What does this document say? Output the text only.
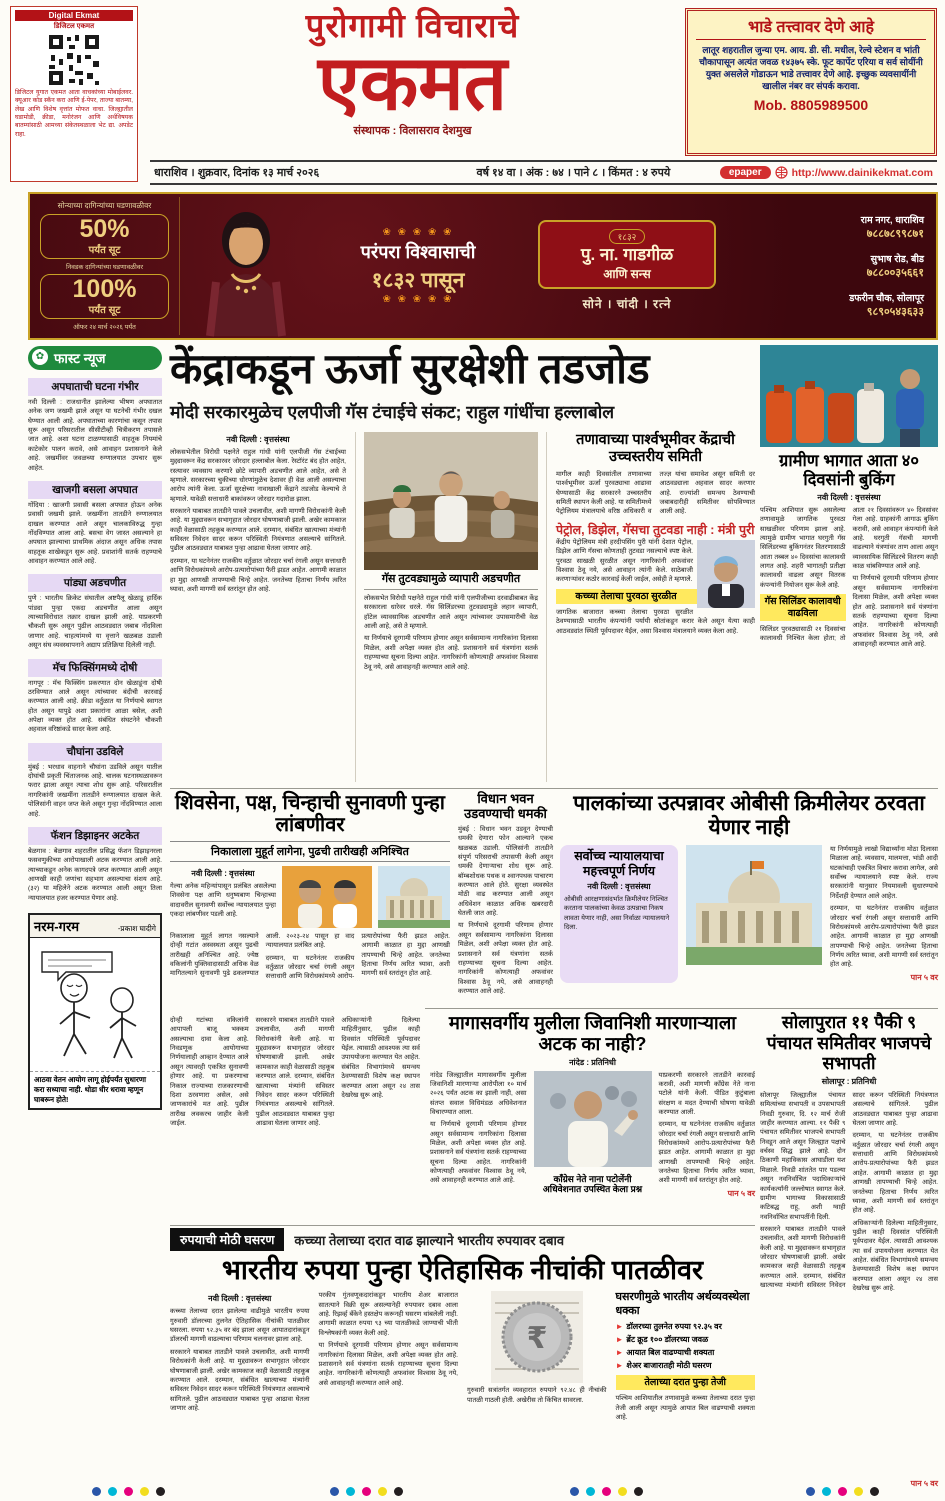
Digital Ekmat
डिजिटल एकमत
डिजिटल युगात एकमत आता वाचकांच्या मोबाईलवर. क्यूआर कोड स्कॅन करा आणि ई-पेपर, ताज्या बातम्या, लेख आणि विशेष वृत्तांत मोफत वाचा. जिल्ह्यातील घडामोडी, क्रीडा, मनोरंजन आणि अर्थविषयक बातम्यांसाठी आमच्या संकेतस्थळाला भेट द्या. अपडेट राहा.
पुरोगामी विचाराचे
एकमत
संस्थापक : विलासराव देशमुख
भाडे तत्त्वावर देणे आहे
लातूर शहरातील जुन्या एम. आय. डी. सी. मधील, रेल्वे स्टेशन व भांती चौकापासून अत्यंत जवळ १४३७५ स्के. फूट कार्पेट एरिया व सर्व सोयींनी युक्त असलेले गोडाऊन भाडे तत्त्वावर देणे आहे. इच्छुक व्यवसायींनी खालील नंबर वर संपर्क करावा.
Mob. 8805989500
धाराशिव । शुक्रवार, दिनांक १३ मार्च २०२६	वर्ष १४ वा । अंक : ७४ । पाने ८ । किंमत : ४ रुपये	epaper	http://www.dainikekmat.com
सोन्याच्या दागिन्यांच्या घडणावळीवर
50%
पर्यंत सूट
निवडक दागिन्यांच्या घडणावळीवर
100%
पर्यंत सूट
ऑफर २४ मार्च २०२६ पर्यंत
❀ ❀ ❀ ❀ ❀
परंपरा विश्वासाची
१८३२ पासून
❀ ❀ ❀ ❀ ❀
१८३२
पु. ना. गाडगीळ
आणि सन्स
सोने । चांदी । रत्ने
राम नगर, धाराशिव
७८८७८९९८७१
सुभाष रोड, बीड
७८८००३५६६१
डफरीन चौक, सोलापूर
९८९०५४३६३३
✿ फास्ट न्यूज
अपघाताची घटना गंभीर
नवी दिल्ली : राजधानीत झालेल्या भीषण अपघातात अनेक जण जखमी झाले असून या घटनेची गंभीर दखल घेण्यात आली आहे. अपघाताच्या कारणांचा कसून तपास सुरू असून परिसरातील सीसीटीव्ही चित्रीकरण तपासले जात आहे. अशा घटना टाळण्यासाठी वाहतूक नियमांचे काटेकोर पालन करावे, असे आवाहन प्रशासनाने केले आहे. जखमींवर जवळच्या रुग्णालयात उपचार सुरू आहेत.
खाजगी बसला अपघात
गोंदिया : खाजगी प्रवासी बसला अपघात होऊन अनेक प्रवासी जखमी झाले. जखमींना तातडीने रुग्णालयात दाखल करण्यात आले असून चालकाविरुद्ध गुन्हा नोंदविण्यात आला आहे. बसचा वेग जास्त असल्याने हा अपघात झाल्याचा प्राथमिक अंदाज असून अधिक तपास वाहतूक शाखेकडून सुरू आहे. प्रवाशांनी सतर्क राहण्याचे आवाहन करण्यात आले आहे.
पांड्या अडचणीत
पुणे : भारतीय क्रिकेट संघातील अष्टपैलू खेळाडू हार्दिक पांड्या पुन्हा एकदा अडचणीत आला असून त्याच्याविरोधात तक्रार दाखल झाली आहे. याप्रकरणी चौकशी सुरू असून पुढील आठवड्यात जबाब नोंदविला जाणार आहे. चाहत्यांमध्ये या वृत्ताने खळबळ उडाली असून संघ व्यवस्थापनाने अद्याप प्रतिक्रिया दिलेली नाही.
मॅच फिक्सिंगमध्ये दोषी
नागपूर : मॅच फिक्सिंग प्रकरणात दोन खेळाडूंना दोषी ठरविण्यात आले असून त्यांच्यावर बंदीची कारवाई करण्यात आली आहे. क्रीडा वर्तुळात या निर्णयाचे स्वागत होत असून यापुढे अशा प्रकारांना आळा बसेल, अशी अपेक्षा व्यक्त होत आहे. संबंधित संघटनेने चौकशी अहवाल वरिष्ठांकडे सादर केला आहे.
चौघांना उडविले
मुंबई : भरधाव वाहनाने चौघांना उडविले असून यातील दोघांची प्रकृती चिंताजनक आहे. चालक घटनास्थळावरून फरार झाला असून त्याचा शोध सुरू आहे. परिसरातील नागरिकांनी जखमींना तातडीने रुग्णालयात दाखल केले. पोलिसांनी वाहन जप्त केले असून गुन्हा नोंदविण्यात आला आहे.
फॅशन डिझाइनर अटकेत
बेळगाव : बेळगाव शहरातील प्रसिद्ध फॅशन डिझाइनरला फसवणुकीच्या आरोपाखाली अटक करण्यात आली आहे. त्याच्याकडून अनेक कागदपत्रे जप्त करण्यात आली असून आणखी काही जणांचा सहभाग असल्याचा संशय आहे. (३२) या महिलेने अटक करण्यात आली असून तिला न्यायालयात हजर करण्यात येणार आहे.
नरम-गरम	-प्रकाश घादीगे
आठवा वेतन आयोग लागू होईपर्यंत सुधारणा करा सध्याचा नाही. थोडा धीर धरावा म्हणून घाबरून होते!
केंद्राकडून ऊर्जा सुरक्षेशी तडजोड
मोदी सरकारमुळेच एलपीजी गॅस टंचाईचे संकट; राहुल गांधींचा हल्लाबोल
नवी दिल्ली : वृत्तसंस्था
लोकसभेतील विरोधी पक्षनेते राहुल गांधी यांनी एलपीजी गॅस टंचाईच्या मुद्द्यावरून केंद्र सरकारवर जोरदार हल्लाबोल केला. रेस्टॉरंट बंद होत आहेत, रस्त्यावर व्यवसाय करणारे छोटे व्यापारी अडचणीत आले आहेत, असे ते म्हणाले. सरकारच्या चुकीच्या धोरणांमुळेच देशावर ही वेळ आली असल्याचा आरोप त्यांनी केला. ऊर्जा सुरक्षेच्या नावाखाली केंद्राने तडजोड केल्याचे ते म्हणाले. यावेळी सत्ताधारी बाकांवरून जोरदार गदारोळ झाला.
सरकारने याबाबत तातडीने पावले उचलावीत, अशी मागणी विरोधकांनी केली आहे. या मुद्द्यावरून सभागृहात जोरदार घोषणाबाजी झाली. अखेर कामकाज काही वेळासाठी तहकूब करण्यात आले. दरम्यान, संबंधित खात्याच्या मंत्र्यांनी सविस्तर निवेदन सादर करून परिस्थिती नियंत्रणात असल्याचे सांगितले. पुढील आठवड्यात याबाबत पुन्हा आढावा घेतला जाणार आहे.
दरम्यान, या घटनेनंतर राजकीय वर्तुळात जोरदार चर्चा रंगली असून सत्ताधारी आणि विरोधकांमध्ये आरोप-प्रत्यारोपांच्या फैरी झडत आहेत. आगामी काळात हा मुद्दा आणखी तापण्याची चिन्हे आहेत. जनतेच्या हिताचा निर्णय त्वरित घ्यावा, अशी मागणी सर्व स्तरांतून होत आहे.
गॅस तुटवड्यामुळे व्यापारी अडचणीत
लोकसभेत विरोधी पक्षनेते राहुल गांधी यांनी एलपीजीच्या दरवाढीबाबत केंद्र सरकारला धारेवर धरले. गॅस सिलिंडरच्या तुटवड्यामुळे लहान व्यापारी, हॉटेल व्यावसायिक अडचणीत आले असून त्यांच्यावर उपासमारीची वेळ आली आहे, असे ते म्हणाले.
या निर्णयाचे दूरगामी परिणाम होणार असून सर्वसामान्य नागरिकांना दिलासा मिळेल, अशी अपेक्षा व्यक्त होत आहे. प्रशासनाने सर्व यंत्रणांना सतर्क राहण्याच्या सूचना दिल्या आहेत. नागरिकांनी कोणत्याही अफवांवर विश्वास ठेवू नये, असे आवाहनही करण्यात आले आहे.
तणावाच्या पार्श्वभूमीवर केंद्राची उच्चस्तरीय समिती
मागील काही दिवसांतील तणावाच्या पार्श्वभूमीवर ऊर्जा पुरवठ्याचा आढावा घेण्यासाठी केंद्र सरकारने उच्चस्तरीय समिती स्थापन केली आहे. या समितीमध्ये पेट्रोलियम मंत्रालयाचे वरिष्ठ अधिकारी व तज्ज्ञ यांचा समावेश असून समिती दर आठवड्याला अहवाल सादर करणार आहे. राज्यांशी समन्वय ठेवण्याची जबाबदारीही समितीवर सोपविण्यात आली आहे.
पेट्रोल, डिझेल, गॅसचा तुटवडा नाही : मंत्री पुरी
केंद्रीय पेट्रोलियम मंत्री हरदीपसिंग पुरी यांनी देशात पेट्रोल, डिझेल आणि गॅसचा कोणताही तुटवडा नसल्याचे स्पष्ट केले. पुरवठा साखळी सुरळीत असून नागरिकांनी अफवांवर विश्वास ठेवू नये, असे आवाहन त्यांनी केले. साठेबाजी करणाऱ्यांवर कठोर कारवाई केली जाईल, असेही ते म्हणाले.
कच्च्या तेलाचा पुरवठा सुरळीत
जागतिक बाजारात कच्च्या तेलाचा पुरवठा सुरळीत ठेवण्यासाठी भारतीय कंपन्यांनी पर्यायी स्रोतांकडून करार केले असून येत्या काही आठवड्यांत स्थिती पूर्वपदावर येईल, असा विश्वास मंत्रालयाने व्यक्त केला आहे.
ग्रामीण भागात आता ४० दिवसांनी बुकिंग
नवी दिल्ली : वृत्तसंस्था
पश्चिम आशियात सुरू असलेल्या तणावामुळे जागतिक पुरवठा साखळीवर परिणाम झाला आहे. त्यामुळे ग्रामीण भागात घरगुती गॅस सिलिंडरच्या बुकिंगनंतर वितरणासाठी आता तब्बल ४० दिवसांचा कालावधी लागत आहे. शहरी भागातही प्रतीक्षा कालावधी वाढला असून वितरक कंपन्यांनी नियोजन सुरू केले आहे.
गॅस सिलिंडर कालावधी वाढविला
सिलिंडर पुरवठ्यासाठी २१ दिवसांचा कालावधी निश्चित केला होता; तो आता २१ दिवसांवरून ४० दिवसांवर गेला आहे. ग्राहकांनी आगाऊ बुकिंग करावी, असे आवाहन कंपन्यांनी केले आहे. घरगुती गॅसची मागणी वाढल्याने यंत्रणांवर ताण आला असून व्यावसायिक सिलिंडरचे वितरण काही काळ थांबविण्यात आले आहे.
या निर्णयाचे दूरगामी परिणाम होणार असून सर्वसामान्य नागरिकांना दिलासा मिळेल, अशी अपेक्षा व्यक्त होत आहे. प्रशासनाने सर्व यंत्रणांना सतर्क राहण्याच्या सूचना दिल्या आहेत. नागरिकांनी कोणत्याही अफवांवर विश्वास ठेवू नये, असे आवाहनही करण्यात आले आहे.
शिवसेना, पक्ष, चिन्हाची सुनावणी पुन्हा लांबणीवर
निकालाला मुहूर्त लागेना, पुढची तारीखही अनिश्चित
नवी दिल्ली : वृत्तसंस्था
गेल्या अनेक महिन्यांपासून प्रलंबित असलेल्या शिवसेना पक्ष आणि धनुष्यबाण चिन्हाच्या वादावरील सुनावणी सर्वोच्च न्यायालयात पुन्हा एकदा लांबणीवर पडली आहे.
निकालाला मुहूर्त लागत नसल्याने दोन्ही गटांत अस्वस्थता असून पुढची तारीखही अनिश्चित आहे. ज्येष्ठ वकिलांनी युक्तिवादासाठी अधिक वेळ मागितल्याने सुनावणी पुढे ढकलण्यात आली. २०२३-२४ पासून हा वाद न्यायालयात प्रलंबित आहे.
दरम्यान, या घटनेनंतर राजकीय वर्तुळात जोरदार चर्चा रंगली असून सत्ताधारी आणि विरोधकांमध्ये आरोप-प्रत्यारोपांच्या फैरी झडत आहेत. आगामी काळात हा मुद्दा आणखी तापण्याची चिन्हे आहेत. जनतेच्या हिताचा निर्णय त्वरित घ्यावा, अशी मागणी सर्व स्तरांतून होत आहे.
विधान भवन उडवण्याची धमकी
मुंबई : विधान भवन उडवून देण्याची धमकी देणारा फोन आल्याने एकच खळबळ उडाली. पोलिसांनी तातडीने संपूर्ण परिसराची तपासणी केली असून धमकी देणाऱ्याचा शोध सुरू आहे. बॉम्बशोधक पथक व श्वानपथक पाचारण करण्यात आले होते. सुरक्षा व्यवस्थेत मोठी वाढ करण्यात आली असून अधिवेशन काळात अधिक खबरदारी घेतली जात आहे.
या निर्णयाचे दूरगामी परिणाम होणार असून सर्वसामान्य नागरिकांना दिलासा मिळेल, अशी अपेक्षा व्यक्त होत आहे. प्रशासनाने सर्व यंत्रणांना सतर्क राहण्याच्या सूचना दिल्या आहेत. नागरिकांनी कोणत्याही अफवांवर विश्वास ठेवू नये, असे आवाहनही करण्यात आले आहे.
पालकांच्या उत्पन्नावर ओबीसी क्रिमीलेयर ठरवता येणार नाही
सर्वोच्च न्यायालयाचा महत्त्वपूर्ण निर्णय
नवी दिल्ली : वृत्तसंस्था
ओबीसी आरक्षणासंदर्भात क्रिमीलेयर निश्चित करताना पालकांच्या केवळ उत्पन्नाचा निकष लावता येणार नाही, असा निर्वाळा न्यायालयाने दिला.
या निर्णयामुळे लाखो विद्यार्थ्यांना मोठा दिलासा मिळाला आहे. व्यवसाय, मालमत्ता, भांडी आदी घटकांचाही एकत्रित विचार करावा लागेल, असे सर्वोच्च न्यायालयाने स्पष्ट केले. राज्य सरकारांनी यानुसार नियमावली सुधारण्याचे निर्देशही देण्यात आले आहेत.
दरम्यान, या घटनेनंतर राजकीय वर्तुळात जोरदार चर्चा रंगली असून सत्ताधारी आणि विरोधकांमध्ये आरोप-प्रत्यारोपांच्या फैरी झडत आहेत. आगामी काळात हा मुद्दा आणखी तापण्याची चिन्हे आहेत. जनतेच्या हिताचा निर्णय त्वरित घ्यावा, अशी मागणी सर्व स्तरांतून होत आहे.
पान ५ वर
दोन्ही गटांच्या वकिलांनी आपापली बाजू भक्कम असल्याचा दावा केला आहे. निवडणूक आयोगाच्या निर्णयालाही आव्हान देण्यात आले असून त्यावरही एकत्रित सुनावणी होणार आहे. या प्रकरणाचा निकाल राज्याच्या राजकारणाची दिशा ठरवणारा असेल, असे जाणकारांचे मत आहे. पुढील तारीख लवकरच जाहीर केली जाईल.
सरकारने याबाबत तातडीने पावले उचलावीत, अशी मागणी विरोधकांनी केली आहे. या मुद्द्यावरून सभागृहात जोरदार घोषणाबाजी झाली. अखेर कामकाज काही वेळासाठी तहकूब करण्यात आले. दरम्यान, संबंधित खात्याच्या मंत्र्यांनी सविस्तर निवेदन सादर करून परिस्थिती नियंत्रणात असल्याचे सांगितले. पुढील आठवड्यात याबाबत पुन्हा आढावा घेतला जाणार आहे.
अधिकाऱ्यांनी दिलेल्या माहितीनुसार, पुढील काही दिवसांत परिस्थिती पूर्वपदावर येईल. त्यासाठी आवश्यक त्या सर्व उपाययोजना करण्यात येत आहेत. संबंधित विभागांमध्ये समन्वय ठेवण्यासाठी विशेष कक्ष स्थापन करण्यात आला असून २४ तास देखरेख सुरू आहे.
मागासवर्गीय मुलीला जिवानिशी मारणाऱ्याला अटक का नाही?
नांदेड : प्रतिनिधी
नांदेड जिल्ह्यातील मागासवर्गीय मुलीला जिवानिशी मारणाऱ्या आरोपीला १० मार्च २०२६ पर्यंत अटक का झाली नाही, असा संतप्त सवाल विधिमंडळ अधिवेशनात विचारण्यात आला.
या निर्णयाचे दूरगामी परिणाम होणार असून सर्वसामान्य नागरिकांना दिलासा मिळेल, अशी अपेक्षा व्यक्त होत आहे. प्रशासनाने सर्व यंत्रणांना सतर्क राहण्याच्या सूचना दिल्या आहेत. नागरिकांनी कोणत्याही अफवांवर विश्वास ठेवू नये, असे आवाहनही करण्यात आले आहे.	काँग्रेस नेते नाना पटोलेंनी अधिवेशनात उपस्थित केला प्रश्न
याप्रकरणी सरकारने तातडीने कारवाई करावी, अशी मागणी काँग्रेस नेते नाना पटोले यांनी केली. पीडित कुटुंबाला संरक्षण व मदत देण्याची घोषणा यावेळी करण्यात आली.
दरम्यान, या घटनेनंतर राजकीय वर्तुळात जोरदार चर्चा रंगली असून सत्ताधारी आणि विरोधकांमध्ये आरोप-प्रत्यारोपांच्या फैरी झडत आहेत. आगामी काळात हा मुद्दा आणखी तापण्याची चिन्हे आहेत. जनतेच्या हिताचा निर्णय त्वरित घ्यावा, अशी मागणी सर्व स्तरांतून होत आहे.
पान ५ वर
सोलापुरात ११ पैकी ९ पंचायत समितीवर भाजपचे सभापती
सोलापूर : प्रतिनिधी
सोलापूर जिल्ह्यातील पंचायत समित्यांच्या सभापती व उपसभापती निवडी गुरुवार, दि. १२ मार्च रोजी जाहीर करण्यात आल्या. ११ पैकी ९ पंचायत समितीवर भाजपचे सभापती निवडून आले असून जिल्ह्यात पक्षाचे वर्चस्व सिद्ध झाले आहे. दोन ठिकाणी महाविकास आघाडीला यश मिळाले. निवडी शांततेत पार पडल्या असून नवनिर्वाचित पदाधिकाऱ्यांचे कार्यकर्त्यांनी जल्लोषात स्वागत केले. ग्रामीण भागाच्या विकासासाठी कटिबद्ध राहू, अशी ग्वाही नवनिर्वाचित सभापतींनी दिली.
सरकारने याबाबत तातडीने पावले उचलावीत, अशी मागणी विरोधकांनी केली आहे. या मुद्द्यावरून सभागृहात जोरदार घोषणाबाजी झाली. अखेर कामकाज काही वेळासाठी तहकूब करण्यात आले. दरम्यान, संबंधित खात्याच्या मंत्र्यांनी सविस्तर निवेदन सादर करून परिस्थिती नियंत्रणात असल्याचे सांगितले. पुढील आठवड्यात याबाबत पुन्हा आढावा घेतला जाणार आहे.
दरम्यान, या घटनेनंतर राजकीय वर्तुळात जोरदार चर्चा रंगली असून सत्ताधारी आणि विरोधकांमध्ये आरोप-प्रत्यारोपांच्या फैरी झडत आहेत. आगामी काळात हा मुद्दा आणखी तापण्याची चिन्हे आहेत. जनतेच्या हिताचा निर्णय त्वरित घ्यावा, अशी मागणी सर्व स्तरांतून होत आहे.
अधिकाऱ्यांनी दिलेल्या माहितीनुसार, पुढील काही दिवसांत परिस्थिती पूर्वपदावर येईल. त्यासाठी आवश्यक त्या सर्व उपाययोजना करण्यात येत आहेत. संबंधित विभागांमध्ये समन्वय ठेवण्यासाठी विशेष कक्ष स्थापन करण्यात आला असून २४ तास देखरेख सुरू आहे.
पान ५ वर
रुपयाची मोठी घसरण	कच्च्या तेलाच्या दरात वाढ झाल्याने भारतीय रुपयावर दबाव
भारतीय रुपया पुन्हा ऐतिहासिक नीचांकी पातळीवर
नवी दिल्ली : वृत्तसंस्था
कच्च्या तेलाच्या दरात झालेल्या वाढीमुळे भारतीय रुपया गुरुवारी डॉलरच्या तुलनेत ऐतिहासिक नीचांकी पातळीवर घसरला. रुपया ९२.३५ वर बंद झाला असून आयातदारांकडून डॉलरची मागणी वाढल्याचा परिणाम चलनावर झाला आहे.
सरकारने याबाबत तातडीने पावले उचलावीत, अशी मागणी विरोधकांनी केली आहे. या मुद्द्यावरून सभागृहात जोरदार घोषणाबाजी झाली. अखेर कामकाज काही वेळासाठी तहकूब करण्यात आले. दरम्यान, संबंधित खात्याच्या मंत्र्यांनी सविस्तर निवेदन सादर करून परिस्थिती नियंत्रणात असल्याचे सांगितले. पुढील आठवड्यात याबाबत पुन्हा आढावा घेतला जाणार आहे.
परकीय गुंतवणूकदारांकडून भारतीय शेअर बाजारात सातत्याने विक्री सुरू असल्यानेही रुपयावर दबाव आला आहे. रिझर्व्ह बँकेने हस्तक्षेप करूनही घसरण थांबलेली नाही. आगामी काळात रुपया ९३ च्या पातळीकडे जाण्याची भीती विश्लेषकांनी व्यक्त केली आहे.
या निर्णयाचे दूरगामी परिणाम होणार असून सर्वसामान्य नागरिकांना दिलासा मिळेल, अशी अपेक्षा व्यक्त होत आहे. प्रशासनाने सर्व यंत्रणांना सतर्क राहण्याच्या सूचना दिल्या आहेत. नागरिकांनी कोणत्याही अफवांवर विश्वास ठेवू नये, असे आवाहनही करण्यात आले आहे.
₹
गुरुवारी सत्रांतर्गत व्यवहारात रुपयाने ९२.४८ ही नीचांकी पातळी गाठली होती. अखेरीस तो किंचित सावरला.
घसरणीमुळे भारतीय अर्थव्यवस्थेला धक्का
► डॉलरच्या तुलनेत रुपया ९२.३५ वर
► ब्रेंट क्रूड १०० डॉलरच्या जवळ
► आयात बिल वाढण्याची शक्यता
► शेअर बाजारातही मोठी घसरण
तेलाच्या दरात पुन्हा तेजी
पश्चिम आशियातील तणावामुळे कच्च्या तेलाच्या दरात पुन्हा तेजी आली असून त्यामुळे आयात बिल वाढण्याची शक्यता आहे.
